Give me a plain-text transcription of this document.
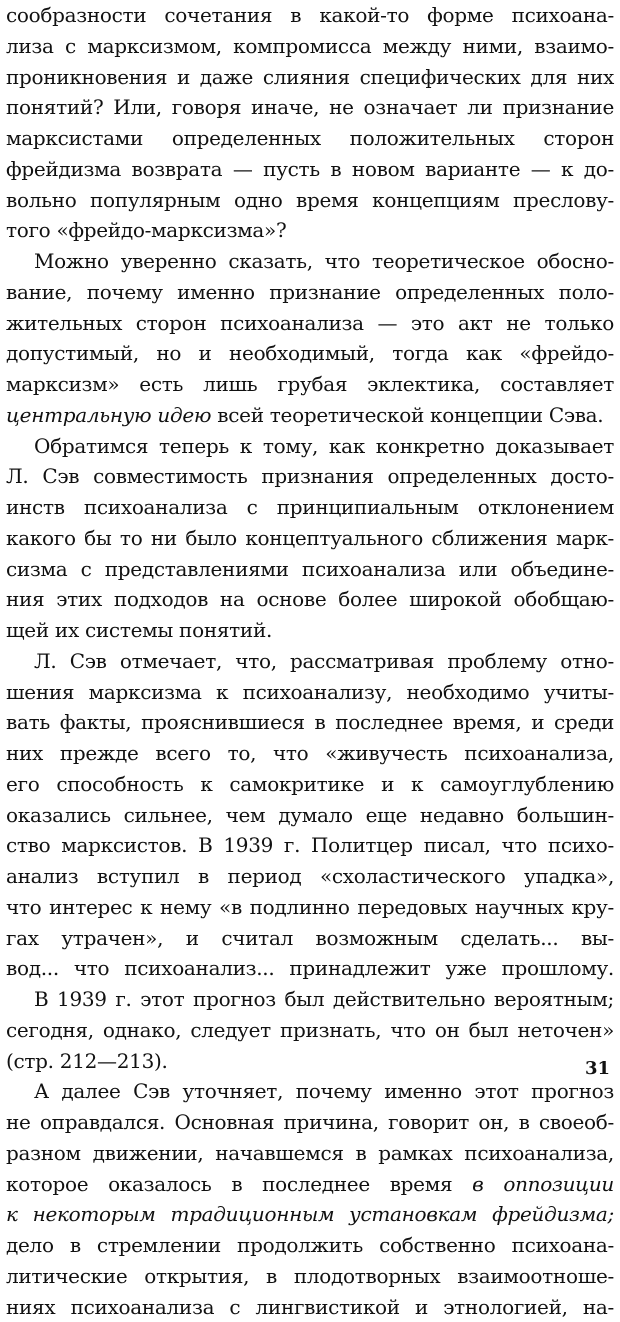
сообразности сочетания в какой-то форме психоана-
лиза с марксизмом, компромисса между ними, взаимо-
проникновения и даже слияния специфических для них
понятий? Или, говоря иначе, не означает ли признание
марксистами определенных положительных сторон
фрейдизма возврата — пусть в новом варианте — к до-
вольно популярным одно время концепциям преслову-
того «фрейдо-марксизма»?
Можно уверенно сказать, что теоретическое обосно-
вание, почему именно признание определенных поло-
жительных сторон психоанализа — это акт не только
допустимый, но и необходимый, тогда как «фрейдо-
марксизм» есть лишь грубая эклектика, составляет
центральную идею всей теоретической концепции Сэва.
Обратимся теперь к тому, как конкретно доказывает
Л. Сэв совместимость признания определенных досто-
инств психоанализа с принципиальным отклонением
какого бы то ни было концептуального сближения марк-
сизма с представлениями психоанализа или объедине-
ния этих подходов на основе более широкой обобщаю-
щей их системы понятий.
Л. Сэв отмечает, что, рассматривая проблему отно-
шения марксизма к психоанализу, необходимо учиты-
вать факты, прояснившиеся в последнее время, и среди
них прежде всего то, что «живучесть психоанализа,
его способность к самокритике и к самоуглублению
оказались сильнее, чем думало еще недавно большин-
ство марксистов. В 1939 г. Политцер писал, что психо-
анализ вступил в период «схоластического упадка»,
что интерес к нему «в подлинно передовых научных кру-
гах утрачен», и считал возможным сделать... вы-
вод... что психоанализ... принадлежит уже прошлому.
В 1939 г. этот прогноз был действительно вероятным;
сегодня, однако, следует признать, что он был неточен»
(стр. 212—213).
А далее Сэв уточняет, почему именно этот прогноз
не оправдался. Основная причина, говорит он, в своеоб-
разном движении, начавшемся в рамках психоанализа,
которое оказалось в последнее время в оппозиции
к некоторым традиционным установкам фрейдизма;
дело в стремлении продолжить собственно психоана-
литические открытия, в плодотворных взаимоотноше-
ниях психоанализа с лингвистикой и этнологией, на-
31
